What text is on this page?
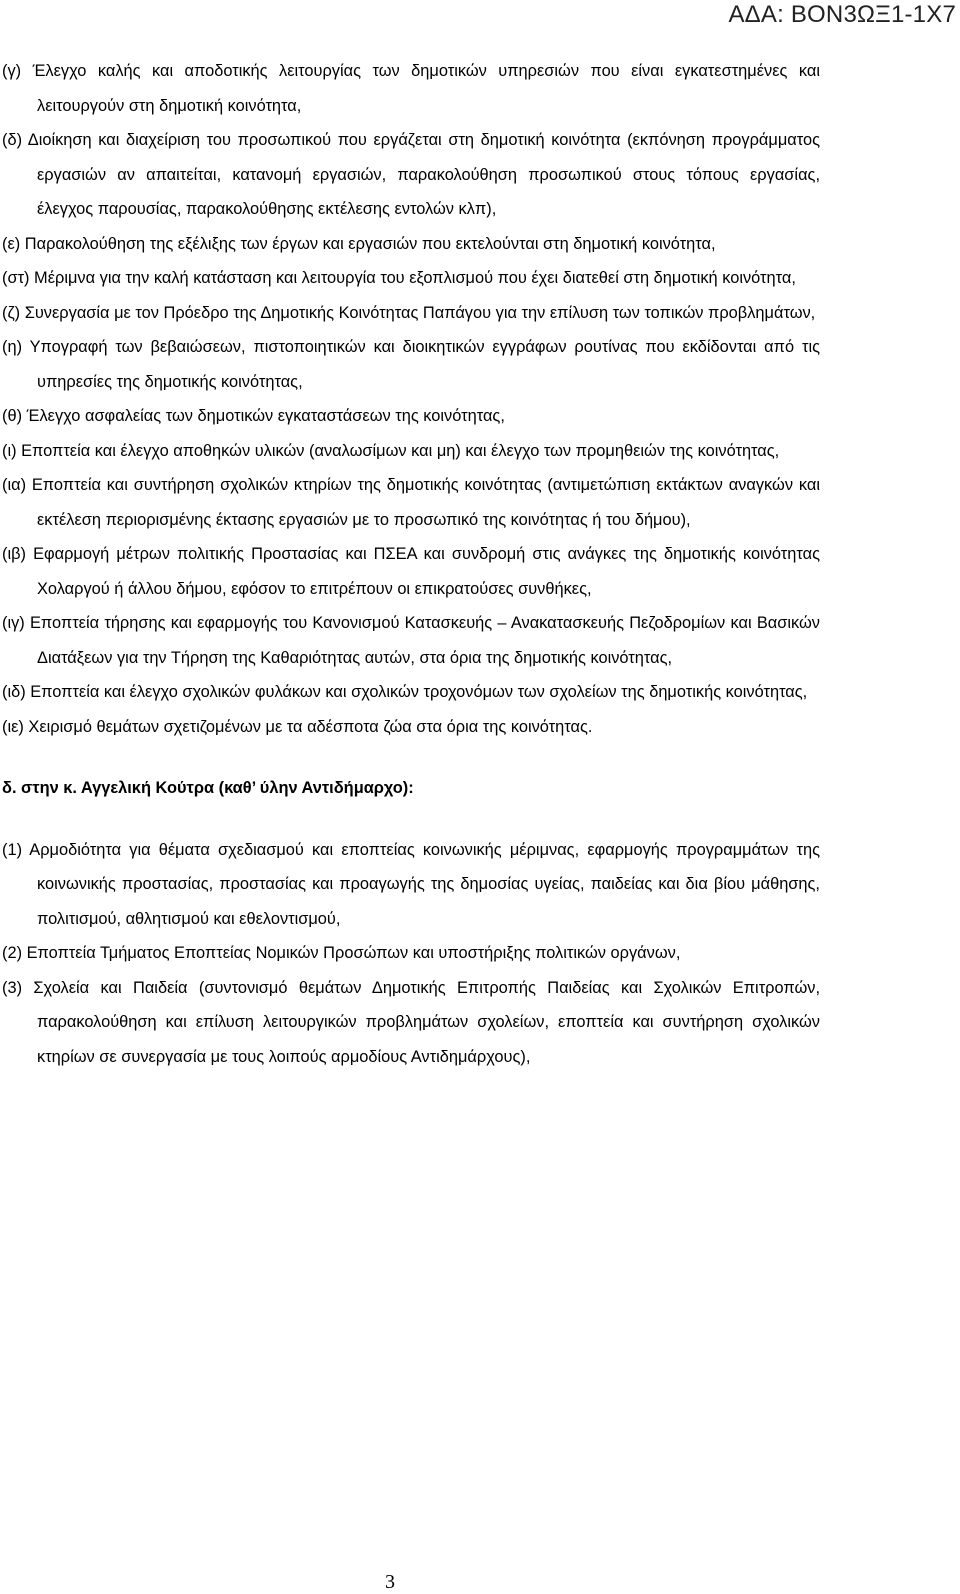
ΑΔΑ: ΒΟΝ3ΩΞ1-1Χ7

(γ) Έλεγχο καλής και αποδοτικής λειτουργίας των δημοτικών υπηρεσιών που είναι εγκατεστημένες και λειτουργούν στη δημοτική κοινότητα,

(δ) Διοίκηση και διαχείριση του προσωπικού που εργάζεται στη δημοτική κοινότητα (εκπόνηση προγράμματος εργασιών αν απαιτείται, κατανομή εργασιών, παρακολούθηση προσωπικού στους τόπους εργασίας, έλεγχος παρουσίας, παρακολούθησης εκτέλεσης εντολών κλπ),

(ε) Παρακολούθηση της εξέλιξης των έργων και εργασιών που εκτελούνται στη δημοτική κοινότητα,

(στ) Μέριμνα για την καλή κατάσταση και λειτουργία του εξοπλισμού που έχει διατεθεί στη δημοτική κοινότητα,

(ζ) Συνεργασία με τον Πρόεδρο της Δημοτικής Κοινότητας Παπάγου για την επίλυση των τοπικών προβλημάτων,

(η) Υπογραφή των βεβαιώσεων, πιστοποιητικών και διοικητικών εγγράφων ρουτίνας που εκδίδονται από τις υπηρεσίες της δημοτικής κοινότητας,

(θ) Έλεγχο ασφαλείας των δημοτικών εγκαταστάσεων της κοινότητας,

(ι) Εποπτεία και έλεγχο αποθηκών υλικών (αναλωσίμων και μη) και έλεγχο των προμηθειών της κοινότητας,

(ια) Εποπτεία και συντήρηση σχολικών κτηρίων της δημοτικής κοινότητας (αντιμετώπιση εκτάκτων αναγκών και εκτέλεση περιορισμένης έκτασης εργασιών με το προσωπικό της κοινότητας ή του δήμου),

(ιβ) Εφαρμογή μέτρων πολιτικής Προστασίας και ΠΣΕΑ και συνδρομή στις ανάγκες της δημοτικής κοινότητας Χολαργού ή άλλου δήμου, εφόσον το επιτρέπουν οι επικρατούσες συνθήκες,

(ιγ) Εποπτεία τήρησης και εφαρμογής του Κανονισμού Κατασκευής – Ανακατασκευής Πεζοδρομίων και Βασικών Διατάξεων για την Τήρηση της Καθαριότητας αυτών, στα όρια της δημοτικής κοινότητας,

(ιδ) Εποπτεία και έλεγχο σχολικών φυλάκων και σχολικών τροχονόμων των σχολείων της δημοτικής κοινότητας,

(ιε) Χειρισμό θεμάτων σχετιζομένων με τα αδέσποτα ζώα στα όρια της κοινότητας.

δ. στην κ. Αγγελική Κούτρα (καθ’ ύλην Αντιδήμαρχο):

(1) Αρμοδιότητα για θέματα σχεδιασμού και εποπτείας κοινωνικής μέριμνας, εφαρμογής προγραμμάτων της κοινωνικής προστασίας, προστασίας και προαγωγής της δημοσίας υγείας, παιδείας και δια βίου μάθησης, πολιτισμού, αθλητισμού και εθελοντισμού,

(2) Εποπτεία Τμήματος Εποπτείας Νομικών Προσώπων και υποστήριξης πολιτικών οργάνων,

(3) Σχολεία και Παιδεία (συντονισμό θεμάτων Δημοτικής Επιτροπής Παιδείας και Σχολικών Επιτροπών, παρακολούθηση και επίλυση λειτουργικών προβλημάτων σχολείων, εποπτεία και συντήρηση σχολικών κτηρίων σε συνεργασία με τους λοιπούς αρμοδίους Αντιδημάρχους),

3
